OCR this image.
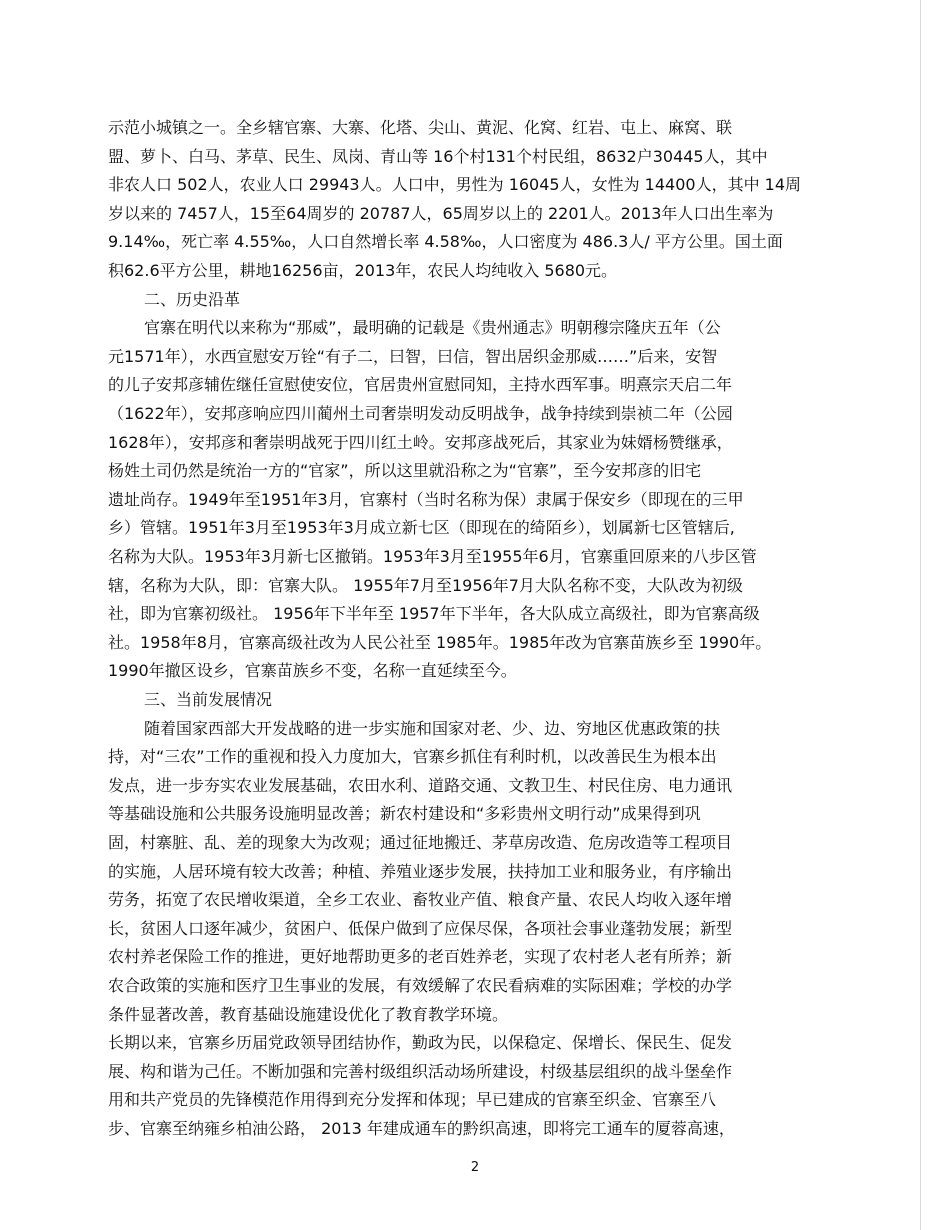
示范小城镇之一。全乡辖官寨、大寨、化塔、尖山、黄泥、化窝、红岩、屯上、麻窝、联
盟、萝卜、白马、茅草、民生、凤岗、青山等 16个村131个村民组，8632户30445人，其中
非农人口 502人，农业人口 29943人。人口中，男性为 16045人，女性为 14400人，其中 14周
岁以来的 7457人，15至64周岁的 20787人，65周岁以上的 2201人。2013年人口出生率为
9.14‰，死亡率 4.55‰，人口自然增长率 4.58‰，人口密度为 486.3人/ 平方公里。国土面
积62.6平方公里，耕地16256亩，2013年，农民人均纯收入 5680元。
二、历史沿革
官寨在明代以来称为“那威”，最明确的记载是《贵州通志》明朝穆宗隆庆五年（公
元1571年），水西宣慰安万铨“有子二，曰智，曰信，智出居织金那威……”后来，安智
的儿子安邦彦辅佐继任宣慰使安位，官居贵州宣慰同知，主持水西军事。明熹宗天启二年
（1622年），安邦彦响应四川蔺州土司奢崇明发动反明战争，战争持续到崇祯二年（公园
1628年），安邦彦和奢崇明战死于四川红土岭。安邦彦战死后，其家业为妹婿杨赞继承，
杨姓土司仍然是统治一方的“官家”，所以这里就沿称之为“官寨”，至今安邦彦的旧宅
遗址尚存。1949年至1951年3月，官寨村（当时名称为保）隶属于保安乡（即现在的三甲
乡）管辖。1951年3月至1953年3月成立新七区（即现在的绮陌乡），划属新七区管辖后,
名称为大队。1953年3月新七区撤销。1953年3月至1955年6月，官寨重回原来的八步区管
辖，名称为大队，即：官寨大队。 1955年7月至1956年7月大队名称不变，大队改为初级
社，即为官寨初级社。 1956年下半年至 1957年下半年，各大队成立高级社，即为官寨高级
社。1958年8月，官寨高级社改为人民公社至 1985年。1985年改为官寨苗族乡至 1990年。
1990年撤区设乡，官寨苗族乡不变，名称一直延续至今。
三、当前发展情况
随着国家西部大开发战略的进一步实施和国家对老、少、边、穷地区优惠政策的扶
持，对“三农”工作的重视和投入力度加大，官寨乡抓住有利时机，以改善民生为根本出
发点，进一步夯实农业发展基础，农田水利、道路交通、文教卫生、村民住房、电力通讯
等基础设施和公共服务设施明显改善；新农村建设和“多彩贵州文明行动”成果得到巩
固，村寨脏、乱、差的现象大为改观；通过征地搬迁、茅草房改造、危房改造等工程项目
的实施，人居环境有较大改善；种植、养殖业逐步发展，扶持加工业和服务业，有序输出
劳务，拓宽了农民增收渠道，全乡工农业、畜牧业产值、粮食产量、农民人均收入逐年增
长，贫困人口逐年减少，贫困户、低保户做到了应保尽保，各项社会事业蓬勃发展；新型
农村养老保险工作的推进，更好地帮助更多的老百姓养老，实现了农村老人老有所养；新
农合政策的实施和医疗卫生事业的发展，有效缓解了农民看病难的实际困难；学校的办学
条件显著改善，教育基础设施建设优化了教育教学环境。
长期以来，官寨乡历届党政领导团结协作，勤政为民，以保稳定、保增长、保民生、促发
展、构和谐为己任。不断加强和完善村级组织活动场所建设，村级基层组织的战斗堡垒作
用和共产党员的先锋模范作用得到充分发挥和体现；早已建成的官寨至织金、官寨至八
步、官寨至纳雍乡柏油公路， 2013 年建成通车的黔织高速，即将完工通车的厦蓉高速，
2
